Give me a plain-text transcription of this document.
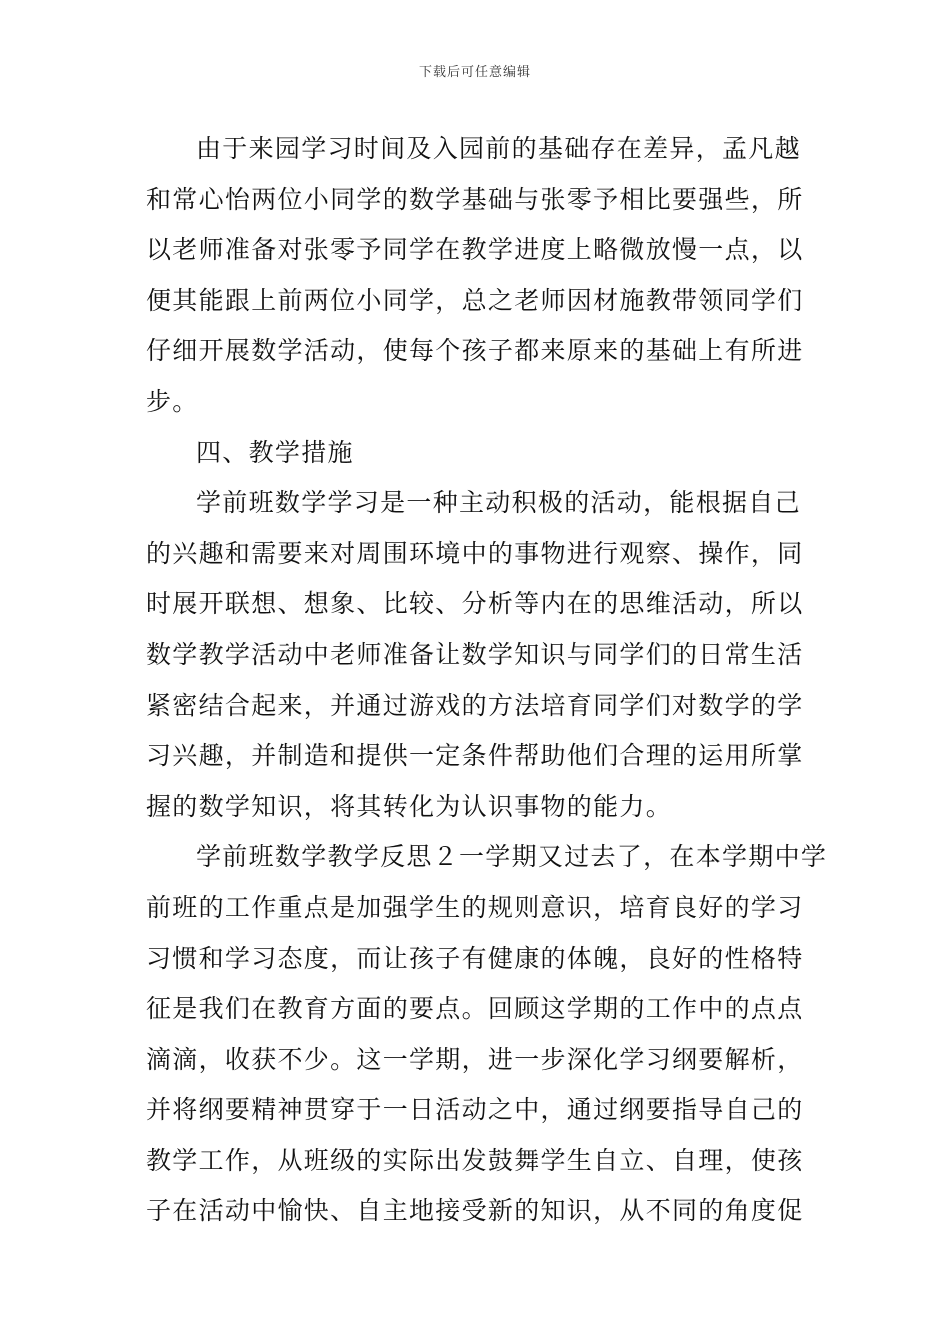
下载后可任意编辑
由于来园学习时间及入园前的基础存在差异，孟凡越
和常心怡两位小同学的数学基础与张零予相比要强些，所
以老师准备对张零予同学在教学进度上略微放慢一点，以
便其能跟上前两位小同学，总之老师因材施教带领同学们
仔细开展数学活动，使每个孩子都来原来的基础上有所进
步。
四、教学措施
学前班数学学习是一种主动积极的活动，能根据自己
的兴趣和需要来对周围环境中的事物进行观察、操作，同
时展开联想、想象、比较、分析等内在的思维活动，所以
数学教学活动中老师准备让数学知识与同学们的日常生活
紧密结合起来，并通过游戏的方法培育同学们对数学的学
习兴趣，并制造和提供一定条件帮助他们合理的运用所掌
握的数学知识，将其转化为认识事物的能力。
学前班数学教学反思２一学期又过去了，在本学期中学
前班的工作重点是加强学生的规则意识，培育良好的学习
习惯和学习态度，而让孩子有健康的体魄，良好的性格特
征是我们在教育方面的要点。回顾这学期的工作中的点点
滴滴，收获不少。这一学期，进一步深化学习纲要解析，
并将纲要精神贯穿于一日活动之中，通过纲要指导自己的
教学工作，从班级的实际出发鼓舞学生自立、自理，使孩
子在活动中愉快、自主地接受新的知识，从不同的角度促
